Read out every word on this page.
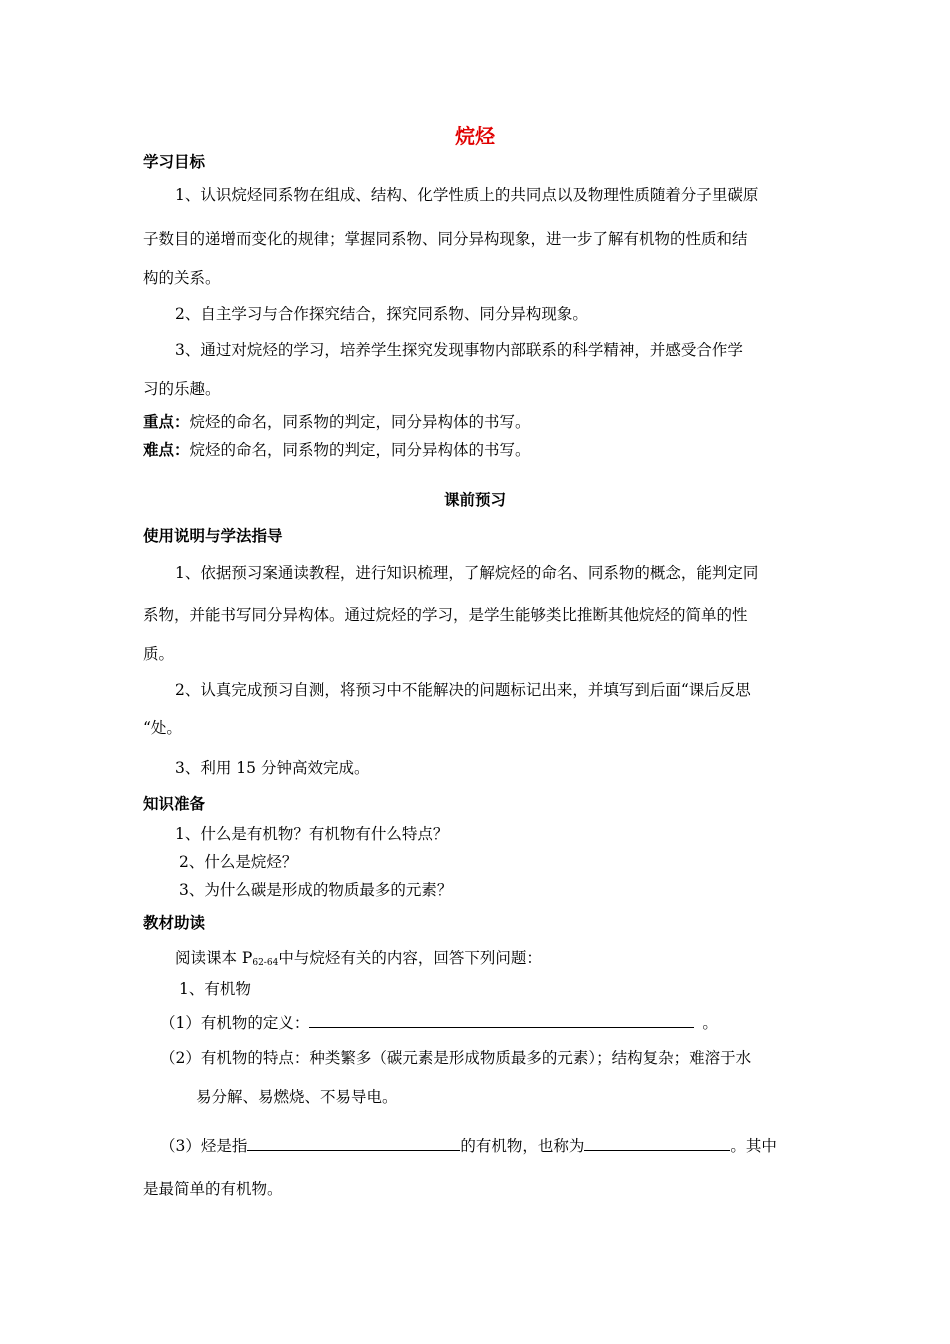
烷烃
学习目标
1、认识烷烃同系物在组成、结构、化学性质上的共同点以及物理性质随着分子里碳原
子数目的递增而变化的规律；掌握同系物、同分异构现象，进一步了解有机物的性质和结
构的关系。
2、自主学习与合作探究结合，探究同系物、同分异构现象。
3、通过对烷烃的学习，培养学生探究发现事物内部联系的科学精神，并感受合作学
习的乐趣。
重点：烷烃的命名，同系物的判定，同分异构体的书写。
难点：烷烃的命名，同系物的判定，同分异构体的书写。
课前预习
使用说明与学法指导
1、依据预习案通读教程，进行知识梳理，了解烷烃的命名、同系物的概念，能判定同
系物，并能书写同分异构体。通过烷烃的学习，是学生能够类比推断其他烷烃的简单的性
质。
2、认真完成预习自测，将预习中不能解决的问题标记出来，并填写到后面“课后反思
“处。
3、利用 15 分钟高效完成。
知识准备
1、什么是有机物？有机物有什么特点？
2、什么是烷烃？
3、为什么碳是形成的物质最多的元素？
教材助读
阅读课本 $P_{62-64}$中与烷烃有关的内容，回答下列问题：
1、有机物
（1）有机物的定义：	。
（2）有机物的特点：种类繁多（碳元素是形成物质最多的元素）；结构复杂；难溶于水
易分解、易燃烧、不易导电。
（3）烃是指	的有机物，也称为	。其中
是最简单的有机物。
